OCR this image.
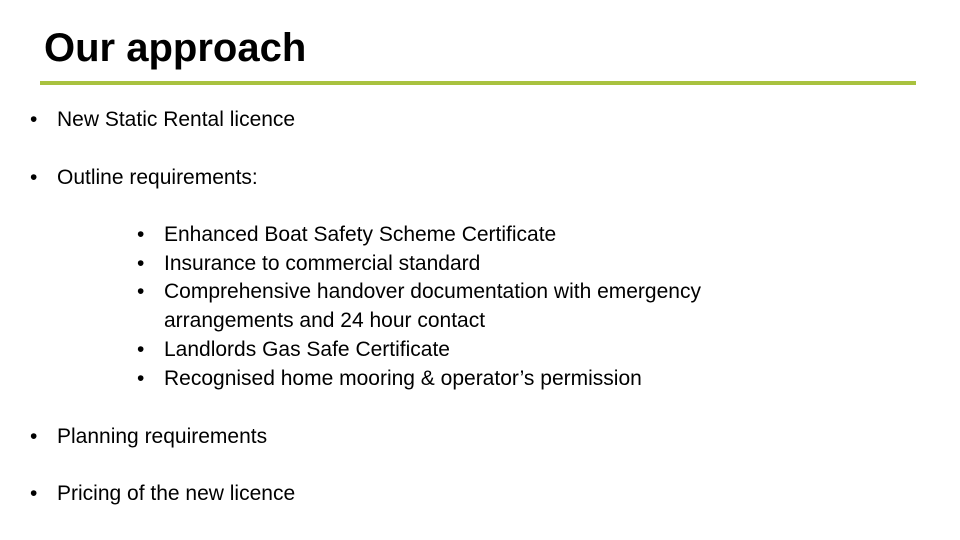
Our approach
• New Static Rental licence
• Outline requirements:
• Enhanced Boat Safety Scheme Certificate
• Insurance to commercial standard
• Comprehensive handover documentation with emergency
arrangements and 24 hour contact
• Landlords Gas Safe Certificate
• Recognised home mooring & operator’s permission
• Planning requirements
• Pricing of the new licence
